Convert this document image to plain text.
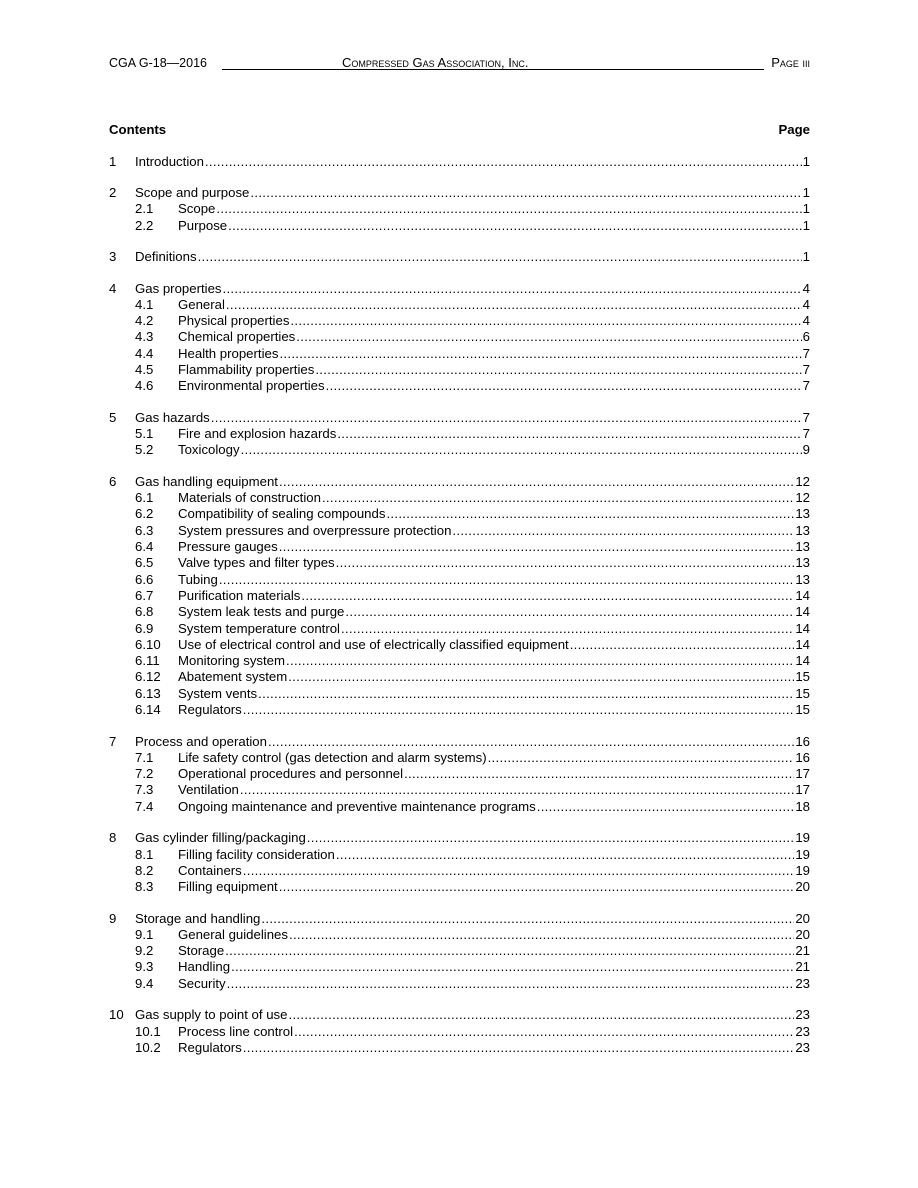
CGA G-18—2016	Compressed Gas Association, Inc.	Page iii
Contents	Page
1	Introduction .....	1
2	Scope and purpose .....	1
2.1	Scope .....	1
2.2	Purpose .....	1
3	Definitions .....	1
4	Gas properties .....	4
4.1	General .....	4
4.2	Physical properties .....	4
4.3	Chemical properties .....	6
4.4	Health properties .....	7
4.5	Flammability properties .....	7
4.6	Environmental properties .....	7
5	Gas hazards .....	7
5.1	Fire and explosion hazards .....	7
5.2	Toxicology .....	9
6	Gas handling equipment .....	12
6.1	Materials of construction .....	12
6.2	Compatibility of sealing compounds .....	13
6.3	System pressures and overpressure protection .....	13
6.4	Pressure gauges .....	13
6.5	Valve types and filter types .....	13
6.6	Tubing .....	13
6.7	Purification materials .....	14
6.8	System leak tests and purge .....	14
6.9	System temperature control .....	14
6.10	Use of electrical control and use of electrically classified equipment .....	14
6.11	Monitoring system .....	14
6.12	Abatement system .....	15
6.13	System vents .....	15
6.14	Regulators .....	15
7	Process and operation .....	16
7.1	Life safety control (gas detection and alarm systems) .....	16
7.2	Operational procedures and personnel .....	17
7.3	Ventilation .....	17
7.4	Ongoing maintenance and preventive maintenance programs .....	18
8	Gas cylinder filling/packaging .....	19
8.1	Filling facility consideration .....	19
8.2	Containers .....	19
8.3	Filling equipment .....	20
9	Storage and handling .....	20
9.1	General guidelines .....	20
9.2	Storage .....	21
9.3	Handling .....	21
9.4	Security .....	23
10 Gas supply to point of use .....	23
10.1	Process line control .....	23
10.2	Regulators .....	23
